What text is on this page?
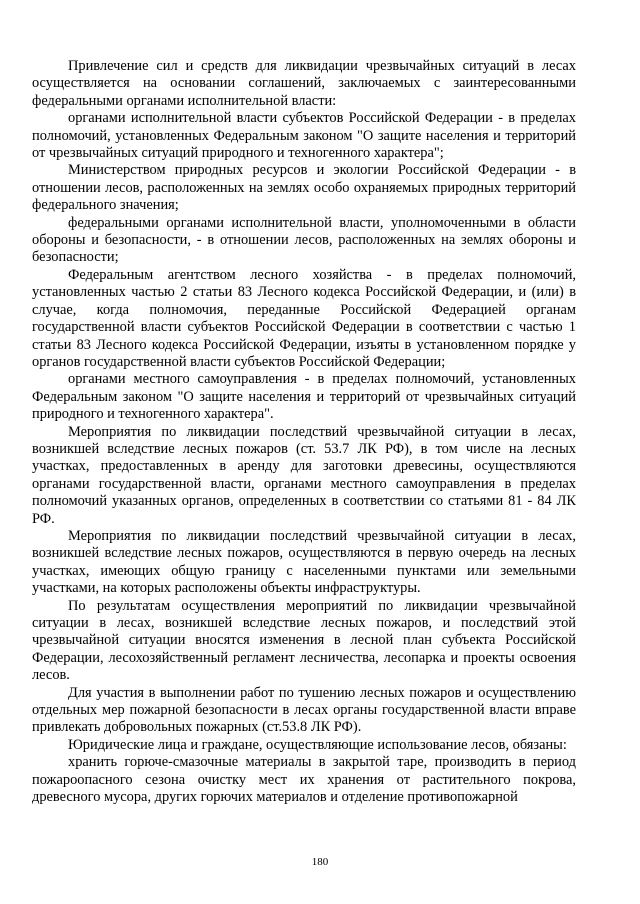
Привлечение сил и средств для ликвидации чрезвычайных ситуаций в лесах осуществляется на основании соглашений, заключаемых с заинтересованными федеральными органами исполнительной власти:

органами исполнительной власти субъектов Российской Федерации - в пределах полномочий, установленных Федеральным законом "О защите населения и территорий от чрезвычайных ситуаций природного и техногенного характера";

Министерством природных ресурсов и экологии Российской Федерации - в отношении лесов, расположенных на землях особо охраняемых природных территорий федерального значения;

федеральными органами исполнительной власти, уполномоченными в области обороны и безопасности, - в отношении лесов, расположенных на землях обороны и безопасности;

Федеральным агентством лесного хозяйства - в пределах полномочий, установленных частью 2 статьи 83 Лесного кодекса Российской Федерации, и (или) в случае, когда полномочия, переданные Российской Федерацией органам государственной власти субъектов Российской Федерации в соответствии с частью 1 статьи 83 Лесного кодекса Российской Федерации, изъяты в установленном порядке у органов государственной власти субъектов Российской Федерации;

органами местного самоуправления - в пределах полномочий, установленных Федеральным законом "О защите населения и территорий от чрезвычайных ситуаций природного и техногенного характера".

Мероприятия по ликвидации последствий чрезвычайной ситуации в лесах, возникшей вследствие лесных пожаров (ст. 53.7 ЛК РФ), в том числе на лесных участках, предоставленных в аренду для заготовки древесины, осуществляются органами государственной власти, органами местного самоуправления в пределах полномочий указанных органов, определенных в соответствии со статьями 81 - 84 ЛК РФ.

Мероприятия по ликвидации последствий чрезвычайной ситуации в лесах, возникшей вследствие лесных пожаров, осуществляются в первую очередь на лесных участках, имеющих общую границу с населенными пунктами или земельными участками, на которых расположены объекты инфраструктуры.

По результатам осуществления мероприятий по ликвидации чрезвычайной ситуации в лесах, возникшей вследствие лесных пожаров, и последствий этой чрезвычайной ситуации вносятся изменения в лесной план субъекта Российской Федерации, лесохозяйственный регламент лесничества, лесопарка и проекты освоения лесов.

Для участия в выполнении работ по тушению лесных пожаров и осуществлению отдельных мер пожарной безопасности в лесах органы государственной власти вправе привлекать добровольных пожарных (ст.53.8 ЛК РФ).

Юридические лица и граждане, осуществляющие использование лесов, обязаны:

хранить горюче-смазочные материалы в закрытой таре, производить в период пожароопасного сезона очистку мест их хранения от растительного покрова, древесного мусора, других горючих материалов и отделение противопожарной

180
